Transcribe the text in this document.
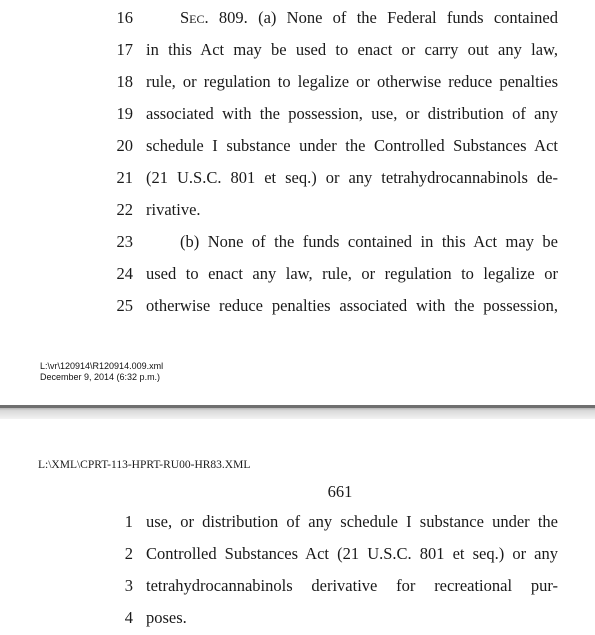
16	Sec. 809. (a) None of the Federal funds contained
17 in this Act may be used to enact or carry out any law,
18 rule, or regulation to legalize or otherwise reduce penalties
19 associated with the possession, use, or distribution of any
20 schedule I substance under the Controlled Substances Act
21 (21 U.S.C. 801 et seq.) or any tetrahydrocannabinols de-
22 rivative.
23	(b) None of the funds contained in this Act may be
24 used to enact any law, rule, or regulation to legalize or
25 otherwise reduce penalties associated with the possession,
L:\vr\120914\R120914.009.xml
December 9, 2014 (6:32 p.m.)
L:\XML\CPRT-113-HPRT-RU00-HR83.XML
661
1 use, or distribution of any schedule I substance under the
2 Controlled Substances Act (21 U.S.C. 801 et seq.) or any
3 tetrahydrocannabinols derivative for recreational pur-
4 poses.
